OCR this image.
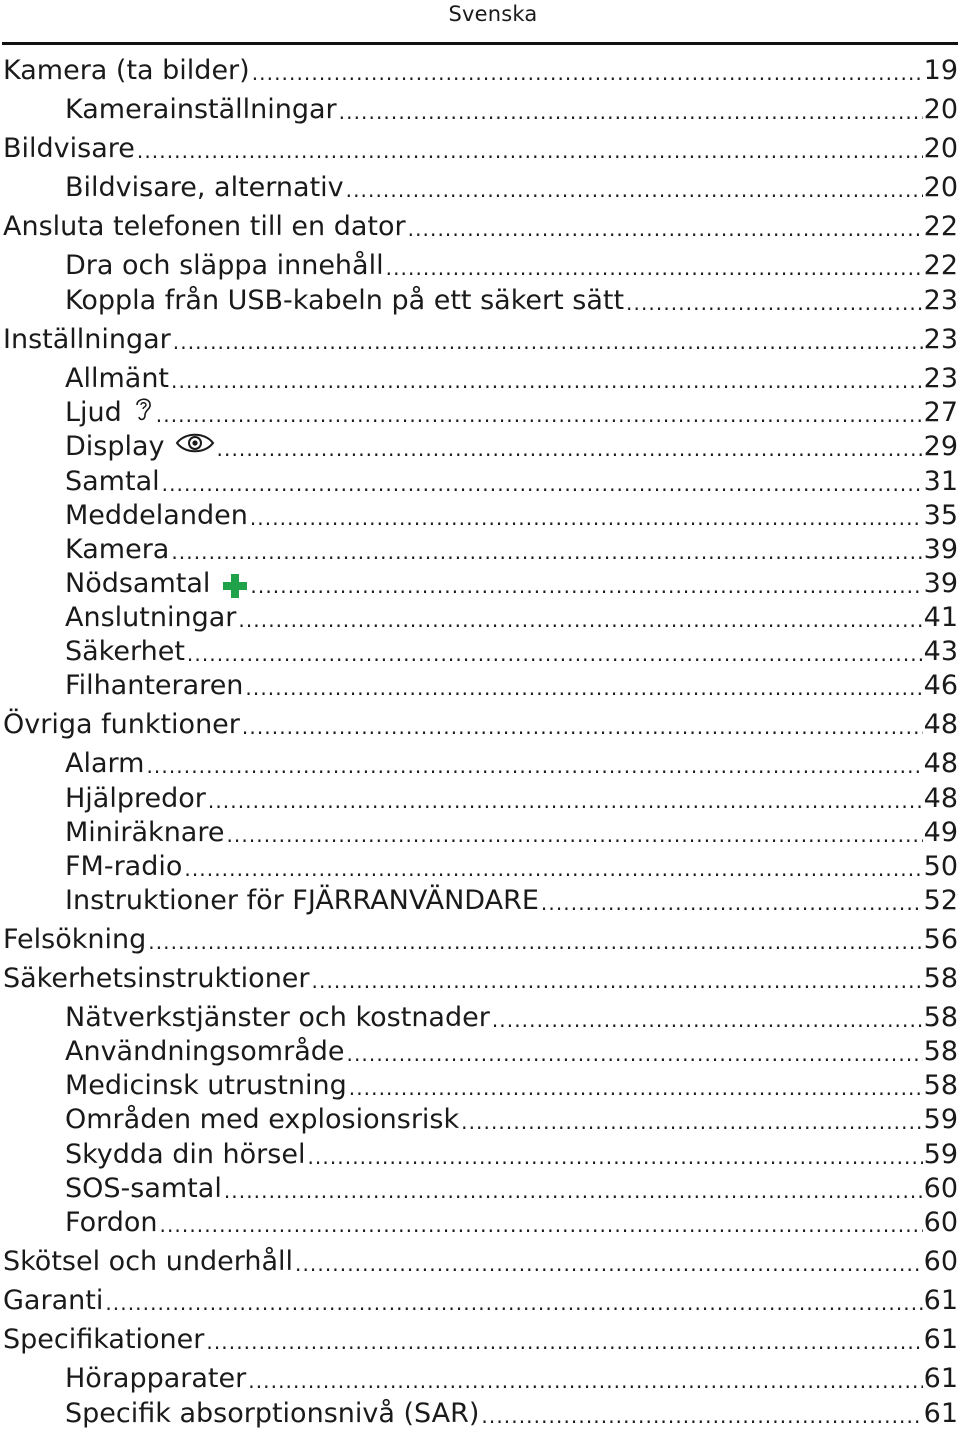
Svenska
Kamera (ta bilder) .....	19
Kamerainställningar .....	20
Bildvisare .....	20
Bildvisare, alternativ .....	20
Ansluta telefonen till en dator .....	22
Dra och släppa innehåll .....	22
Koppla från USB-kabeln på ett säkert sätt .....	23
Inställningar .....	23
Allmänt .....	23
Ljud .....	27
Display .....	29
Samtal .....	31
Meddelanden .....	35
Kamera .....	39
Nödsamtal .....	39
Anslutningar .....	41
Säkerhet .....	43
Filhanteraren .....	46
Övriga funktioner .....	48
Alarm .....	48
Hjälpredor .....	48
Miniräknare .....	49
FM-radio .....	50
Instruktioner för FJÄRRANVÄNDARE .....	52
Felsökning .....	56
Säkerhetsinstruktioner .....	58
Nätverkstjänster och kostnader .....	58
Användningsområde .....	58
Medicinsk utrustning .....	58
Områden med explosionsrisk .....	59
Skydda din hörsel .....	59
SOS-samtal .....	60
Fordon .....	60
Skötsel och underhåll .....	60
Garanti .....	61
Specifikationer .....	61
Hörapparater .....	61
Specifik absorptionsnivå (SAR) .....	61
